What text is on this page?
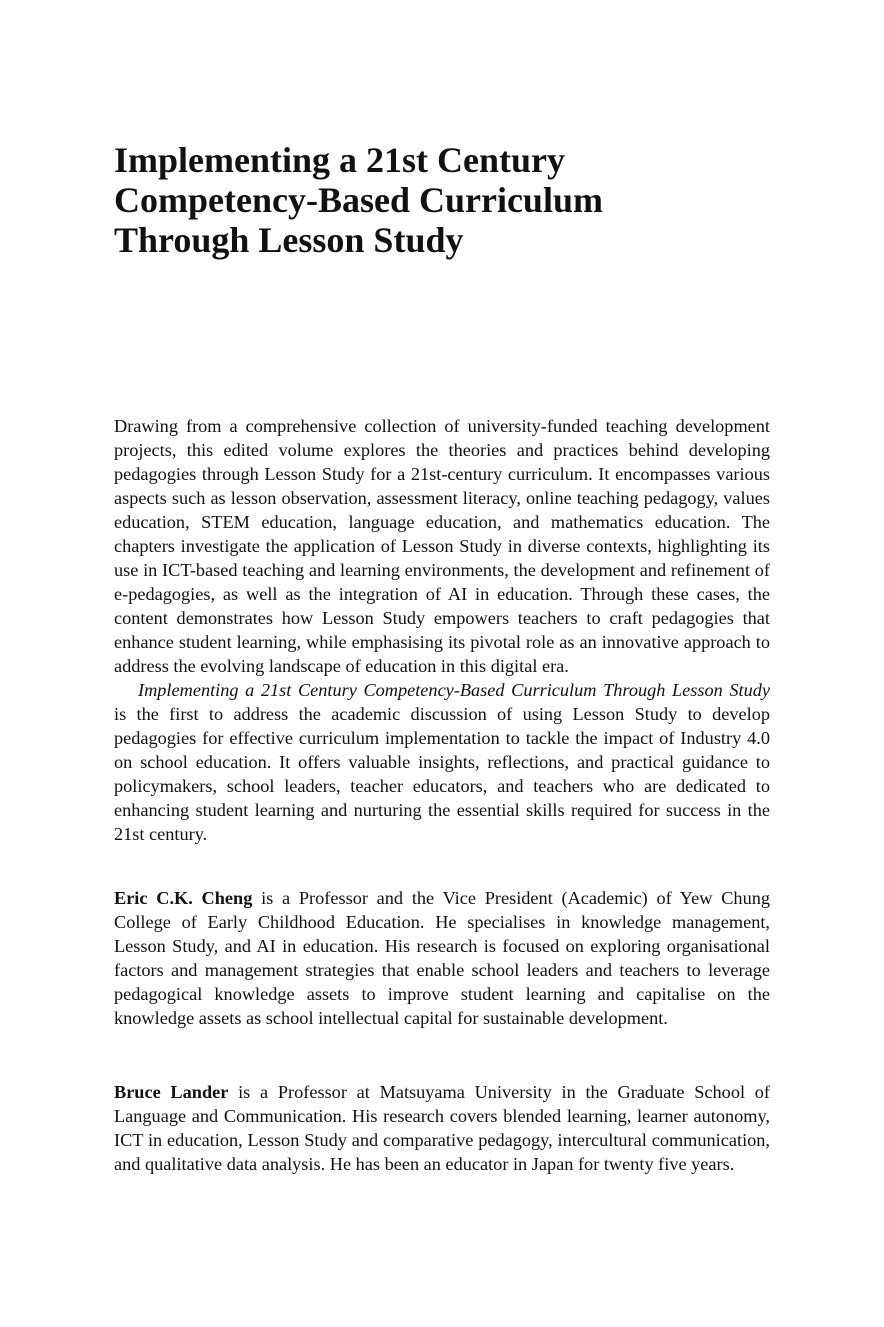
Implementing a 21st Century
Competency-Based Curriculum
Through Lesson Study

Drawing from a comprehensive collection of university-funded teaching development projects, this edited volume explores the theories and practices behind developing pedagogies through Lesson Study for a 21st-century curriculum. It encompasses various aspects such as lesson observation, assessment literacy, online teaching pedagogy, values education, STEM education, language education, and mathematics education. The chapters investigate the application of Lesson Study in diverse contexts, highlighting its use in ICT-based teaching and learning environments, the development and refinement of e-pedagogies, as well as the integration of AI in education. Through these cases, the content demonstrates how Lesson Study empowers teachers to craft pedagogies that enhance student learning, while emphasising its pivotal role as an innovative approach to address the evolving landscape of education in this digital era.

Implementing a 21st Century Competency-Based Curriculum Through Lesson Study is the first to address the academic discussion of using Lesson Study to develop pedagogies for effective curriculum implementation to tackle the impact of Industry 4.0 on school education. It offers valuable insights, reflections, and practical guidance to policymakers, school leaders, teacher educators, and teachers who are dedicated to enhancing student learning and nurturing the essential skills required for success in the 21st century.

Eric C.K. Cheng is a Professor and the Vice President (Academic) of Yew Chung College of Early Childhood Education. He specialises in knowledge management, Lesson Study, and AI in education. His research is focused on exploring organisational factors and management strategies that enable school leaders and teachers to leverage pedagogical knowledge assets to improve student learning and capitalise on the knowledge assets as school intellectual capital for sustainable development.

Bruce Lander is a Professor at Matsuyama University in the Graduate School of Language and Communication. His research covers blended learning, learner autonomy, ICT in education, Lesson Study and comparative pedagogy, intercultural communication, and qualitative data analysis. He has been an educator in Japan for twenty five years.
